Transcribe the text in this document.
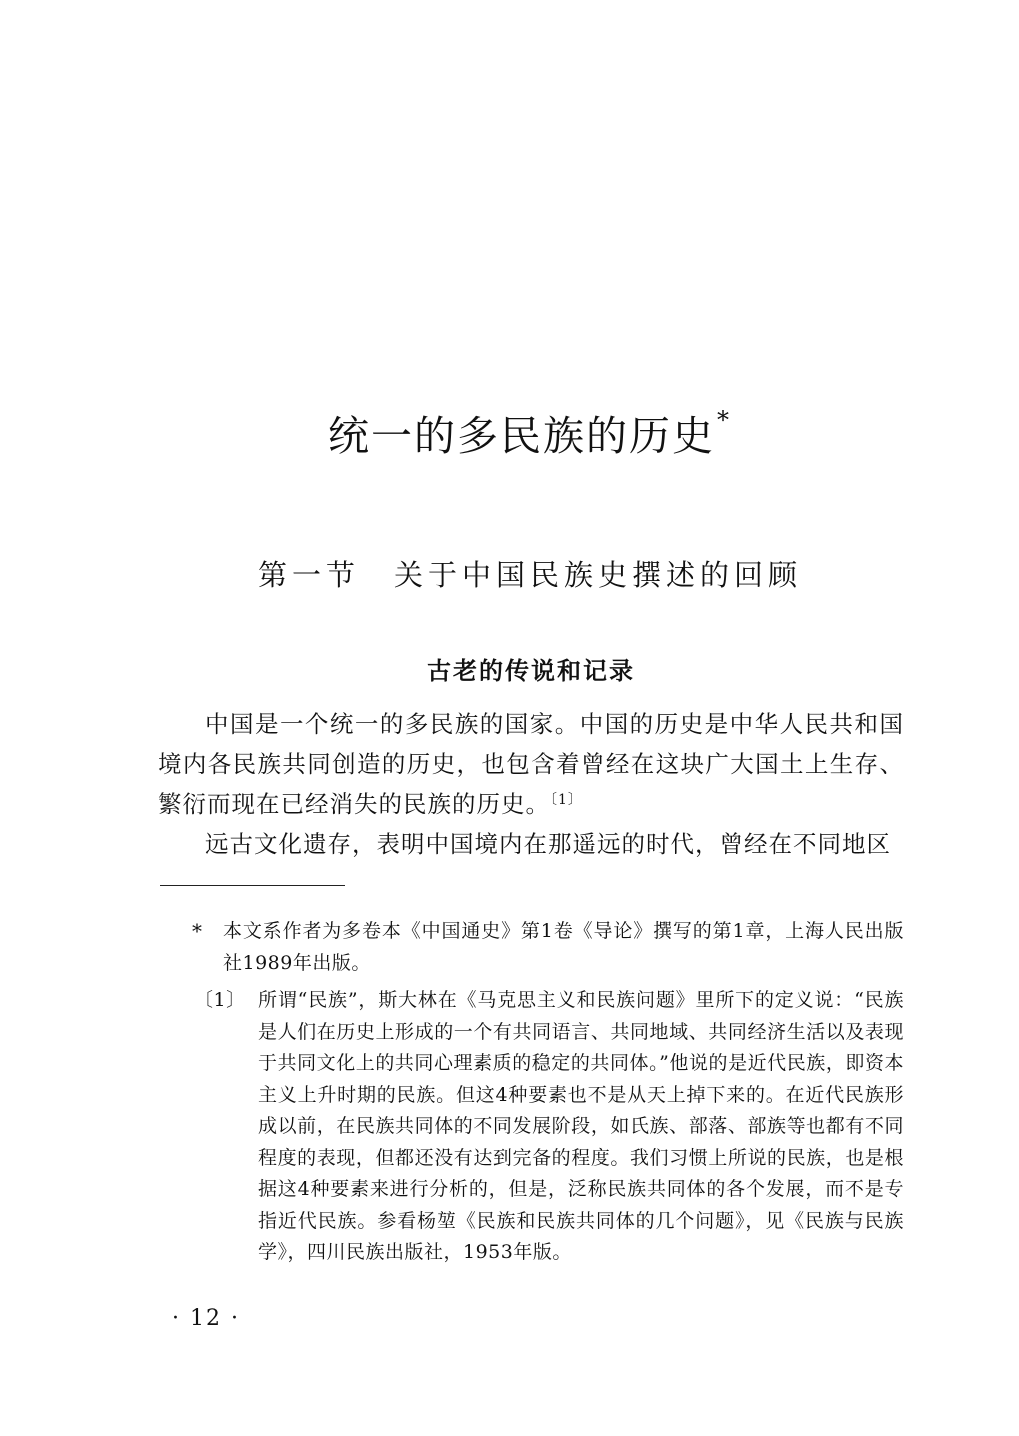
统一的多民族的历史*
第一节 关于中国民族史撰述的回顾
古老的传说和记录

中国是一个统一的多民族的国家。中国的历史是中华人民共和国境内各民族共同创造的历史，也包含着曾经在这块广大国土上生存、繁衍而现在已经消失的民族的历史。$^{〔1〕}$

远古文化遗存，表明中国境内在那遥远的时代，曾经在不同地区

* 本文系作者为多卷本《中国通史》第1卷《导论》撰写的第1章，上海人民出版社1989年出版。

〔1〕 所谓“民族”，斯大林在《马克思主义和民族问题》里所下的定义说：“民族是人们在历史上形成的一个有共同语言、共同地域、共同经济生活以及表现于共同文化上的共同心理素质的稳定的共同体。”他说的是近代民族，即资本主义上升时期的民族。但这4种要素也不是从天上掉下来的。在近代民族形成以前，在民族共同体的不同发展阶段，如氏族、部落、部族等也都有不同程度的表现，但都还没有达到完备的程度。我们习惯上所说的民族，也是根据这4种要素来进行分析的，但是，泛称民族共同体的各个发展，而不是专指近代民族。参看杨堃《民族和民族共同体的几个问题》，见《民族与民族学》，四川民族出版社，1953年版。

· 12 ·
